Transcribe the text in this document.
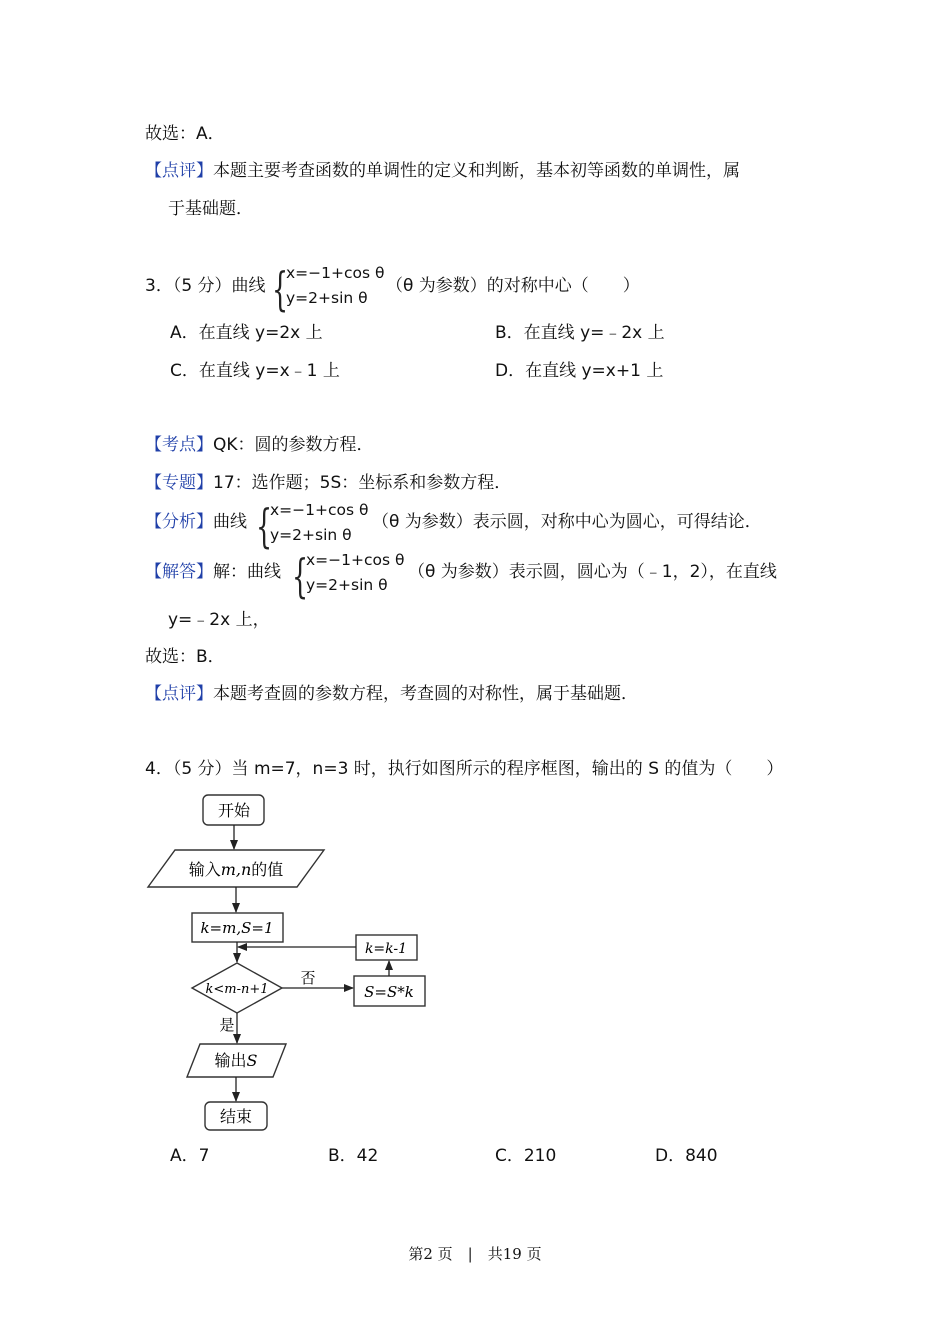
故选：A．
【点评】本题主要考查函数的单调性的定义和判断，基本初等函数的单调性，属
于基础题．
3．（5 分）曲线 {
x=−1+cos θ
y=2+sin θ
（θ 为参数）的对称中心（　　）
A．在直线 y=2x 上	B．在直线 y=﹣2x 上
C．在直线 y=x﹣1 上	D．在直线 y=x+1 上
【考点】QK：圆的参数方程．
【专题】17：选作题；5S：坐标系和参数方程．
【分析】曲线 {
x=−1+cos θ
y=2+sin θ
（θ 为参数）表示圆，对称中心为圆心，可得结论．
【解答】解：曲线 {
x=−1+cos θ
y=2+sin θ
（θ 为参数）表示圆，圆心为（﹣1，2），在直线
y=﹣2x 上，
故选：B．
【点评】本题考查圆的参数方程，考查圆的对称性，属于基础题．
4．（5 分）当 m=7，n=3 时，执行如图所示的程序框图，输出的 S 的值为（　　）
开始
输入m,n的值
k=m,S=1
k=k-1
k<m-n+1
否
S=S*k
是
输出S
结束
A．7	B．42	C．210	D．840
第2 页　|　共19 页
